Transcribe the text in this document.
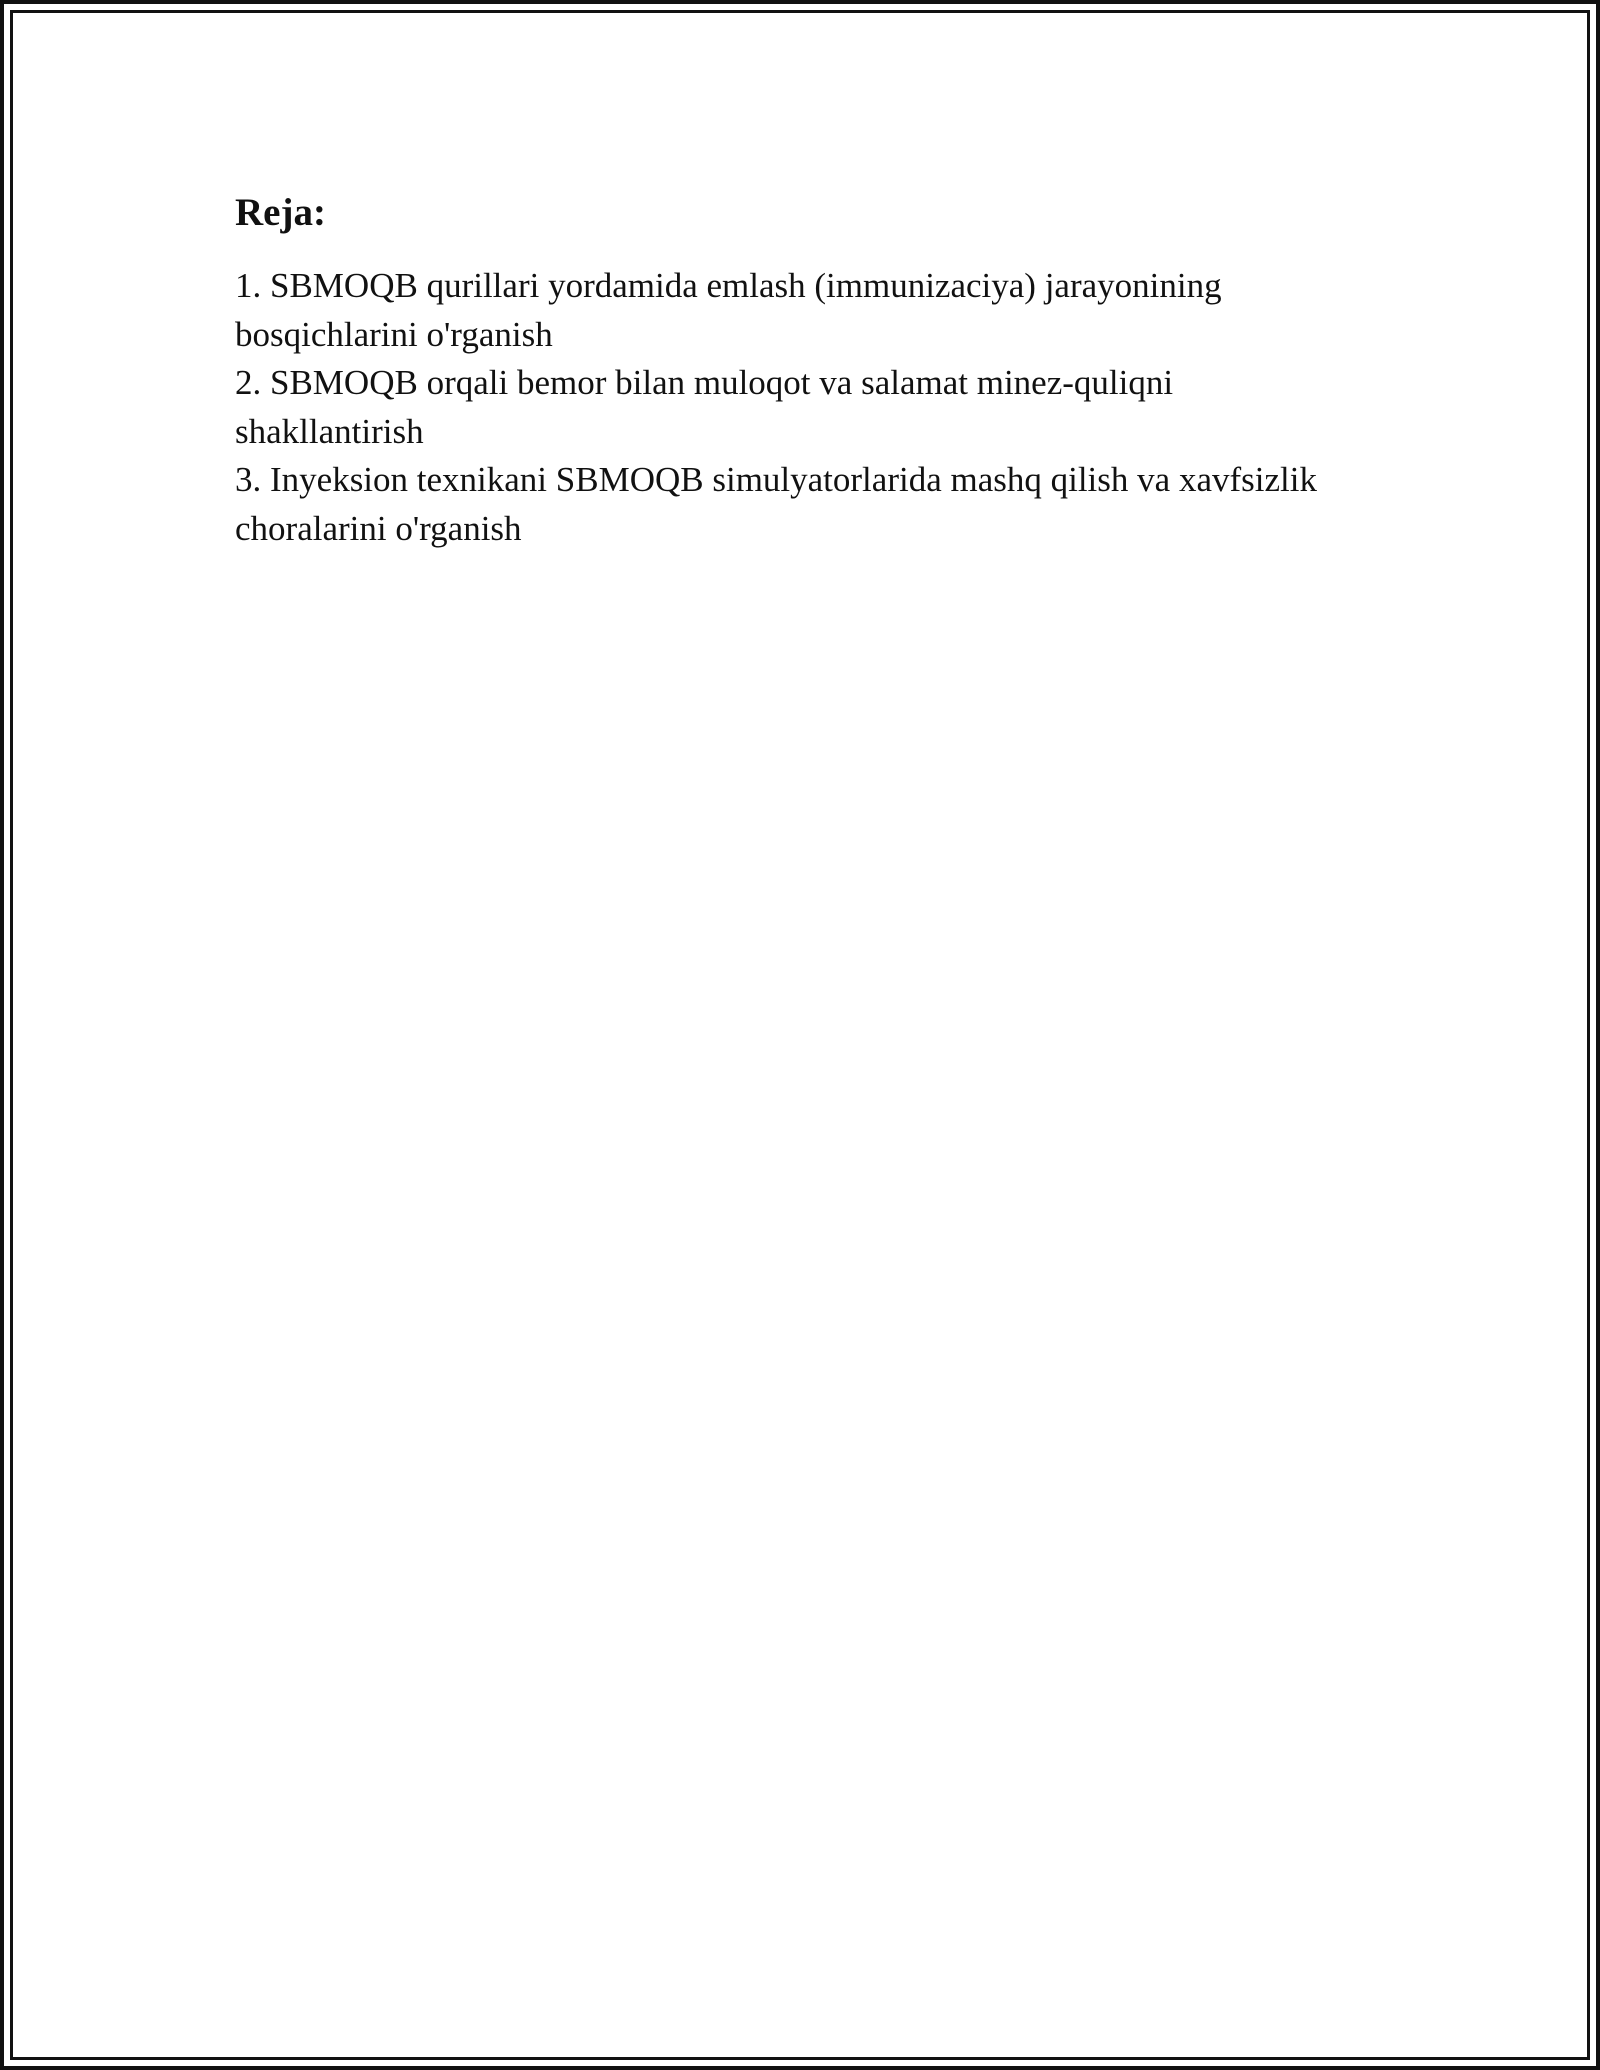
Reja:
1. SBMOQB qurillari yordamida emlash (immunizaciya) jarayonining bosqichlarini o'rganish
2. SBMOQB orqali bemor bilan muloqot va salamat minez-quliqni shakllantirish
3. Inyeksion texnikani SBMOQB simulyatorlarida mashq qilish va xavfsizlik choralarini o'rganish
